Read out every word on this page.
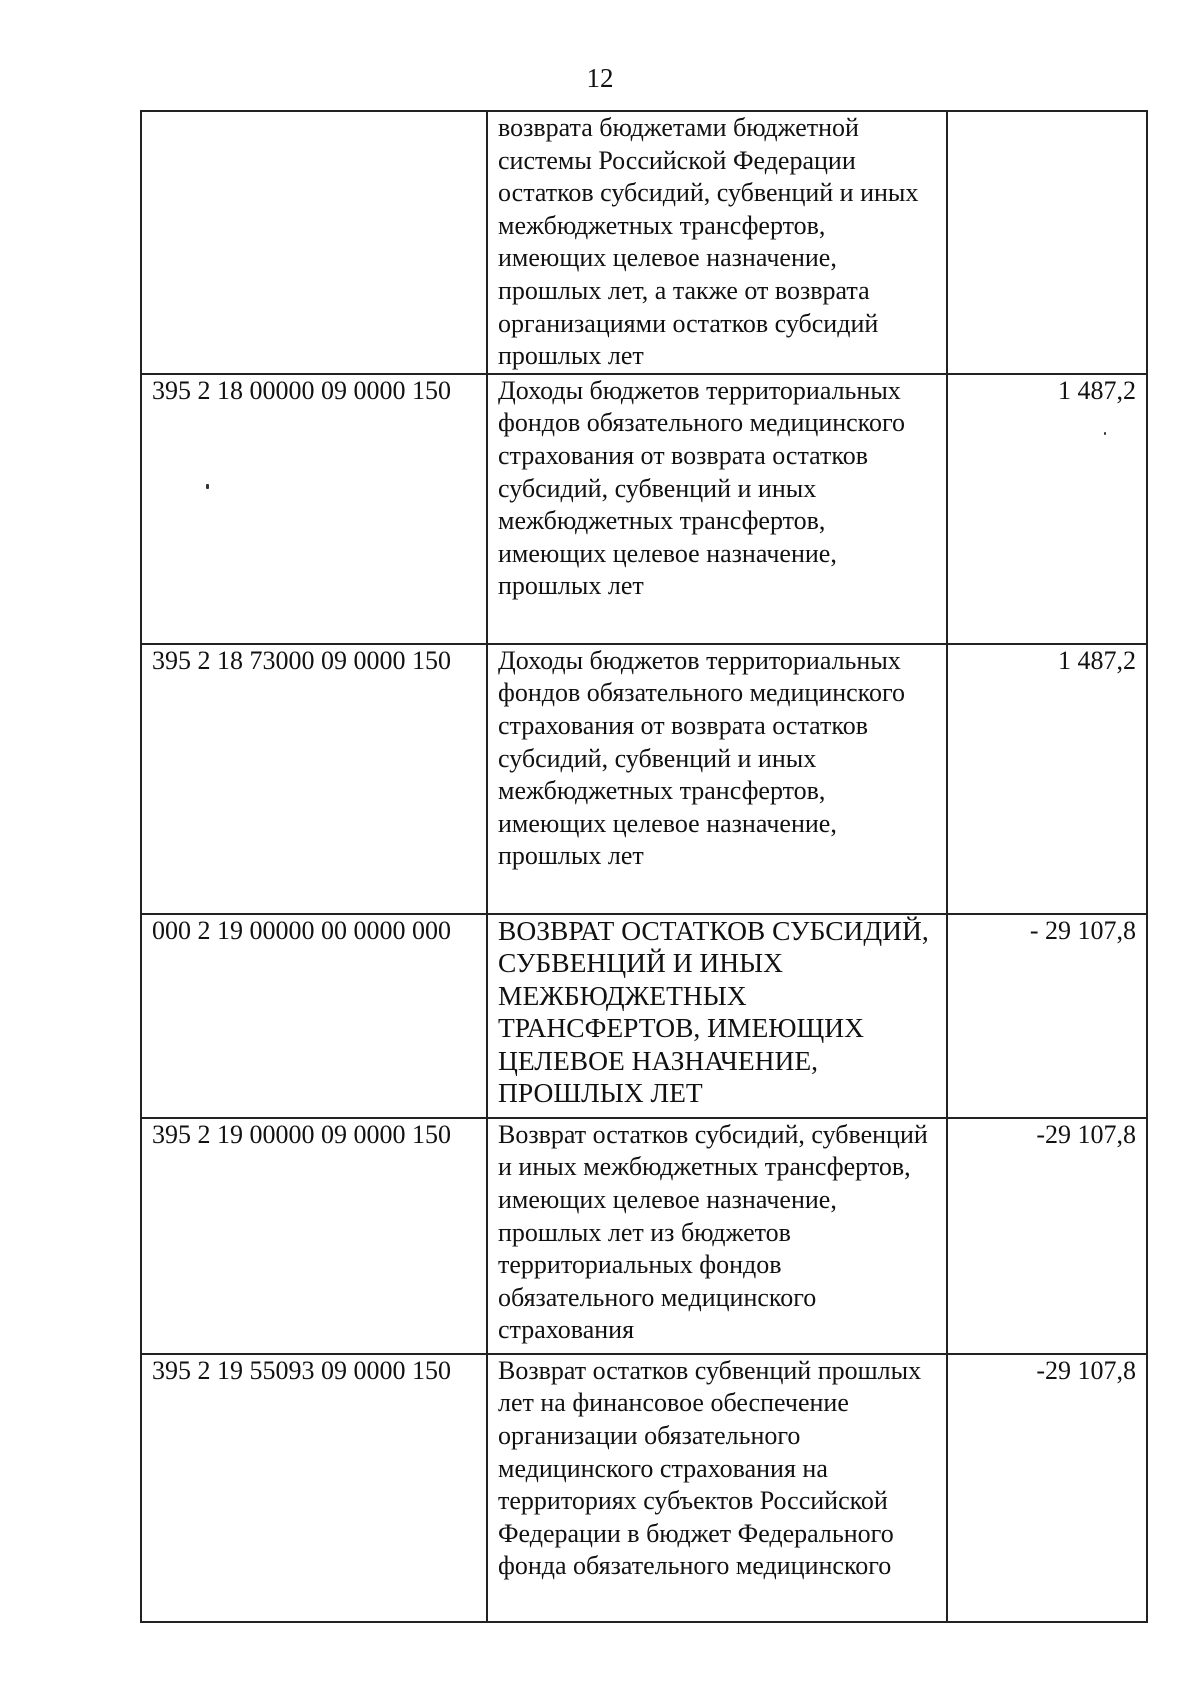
12

	возврата бюджетами бюджетной системы Российской Федерации остатков субсидий, субвенций и иных межбюджетных трансфертов, имеющих целевое назначение, прошлых лет, а также от возврата организациями остатков субсидий прошлых лет	

395 2 18 00000 09 0000 150	Доходы бюджетов территориальных фондов обязательного медицинского страхования от возврата остатков субсидий, субвенций и иных межбюджетных трансфертов, имеющих целевое назначение, прошлых лет	1 487,2
395 2 18 73000 09 0000 150	Доходы бюджетов территориальных фондов обязательного медицинского страхования от возврата остатков субсидий, субвенций и иных межбюджетных трансфертов, имеющих целевое назначение, прошлых лет	1 487,2
000 2 19 00000 00 0000 000	ВОЗВРАТ ОСТАТКОВ СУБСИДИЙ, СУБВЕНЦИЙ И ИНЫХ МЕЖБЮДЖЕТНЫХ ТРАНСФЕРТОВ, ИМЕЮЩИХ ЦЕЛЕВОЕ НАЗНАЧЕНИЕ, ПРОШЛЫХ ЛЕТ	- 29 107,8
395 2 19 00000 09 0000 150	Возврат остатков субсидий, субвенций и иных межбюджетных трансфертов, имеющих целевое назначение, прошлых лет из бюджетов территориальных фондов обязательного медицинского страхования	-29 107,8
395 2 19 55093 09 0000 150	Возврат остатков субвенций прошлых лет на финансовое обеспечение организации обязательного медицинского страхования на территориях субъектов Российской Федерации в бюджет Федерального фонда обязательного медицинского	-29 107,8
